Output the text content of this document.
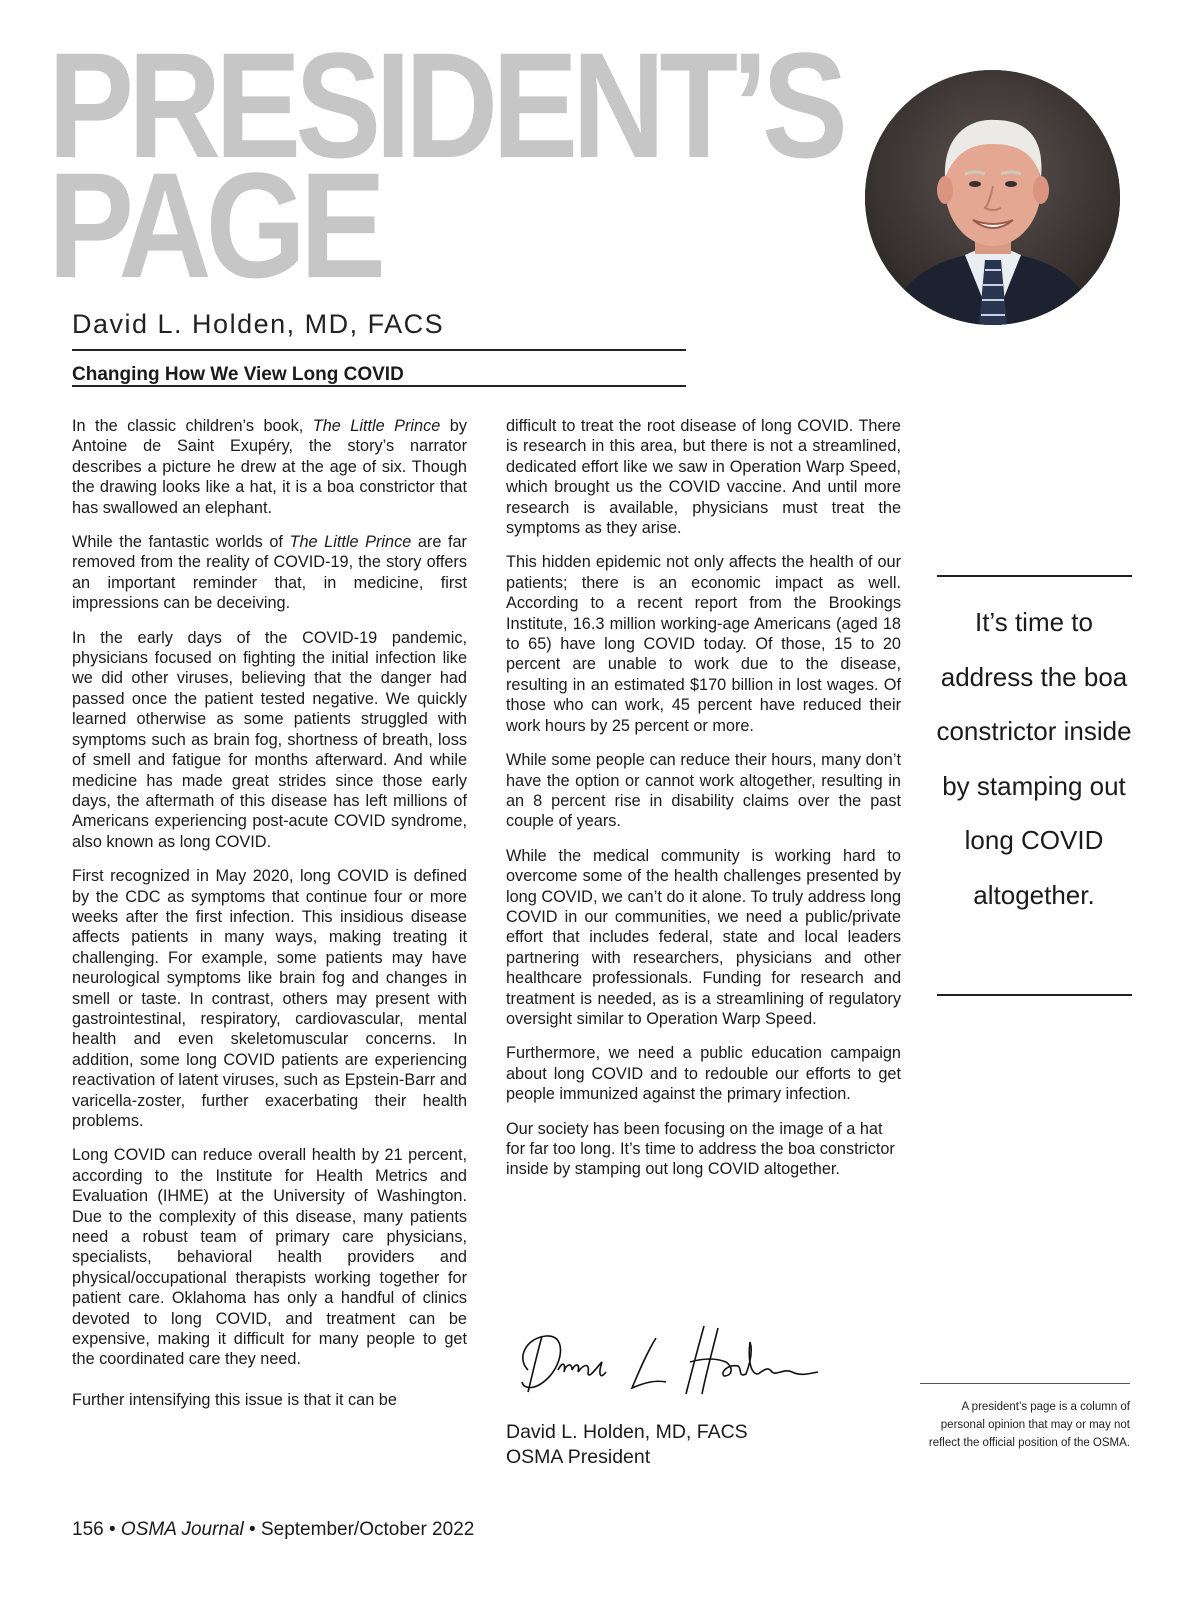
PRESIDENT’S
PAGE
David L. Holden, MD, FACS
Changing How We View Long COVID

In the classic children’s book, The Little Prince by Antoine de Saint Exupéry, the story’s narrator describes a picture he drew at the age of six. Though the drawing looks like a hat, it is a boa constrictor that has swallowed an elephant.

While the fantastic worlds of The Little Prince are far removed from the reality of COVID-19, the story offers an important reminder that, in medicine, first impressions can be deceiving.

In the early days of the COVID-19 pandemic, physicians focused on fighting the initial infection like we did other viruses, believing that the danger had passed once the patient tested negative. We quickly learned otherwise as some patients struggled with symptoms such as brain fog, shortness of breath, loss of smell and fatigue for months afterward. And while medicine has made great strides since those early days, the aftermath of this disease has left millions of Americans experiencing post-acute COVID syndrome, also known as long COVID.

First recognized in May 2020, long COVID is defined by the CDC as symptoms that continue four or more weeks after the first infection. This insidious disease affects patients in many ways, making treating it challenging. For example, some patients may have neurological symptoms like brain fog and changes in smell or taste. In contrast, others may present with gastrointestinal, respiratory, cardiovascular, mental health and even skeletomuscular concerns. In addition, some long COVID patients are experiencing reactivation of latent viruses, such as Epstein-Barr and varicella-zoster, further exacerbating their health problems.

Long COVID can reduce overall health by 21 percent, according to the Institute for Health Metrics and Evaluation (IHME) at the University of Washington. Due to the complexity of this disease, many patients need a robust team of primary care physicians, specialists, behavioral health providers and physical/occupational therapists working together for patient care. Oklahoma has only a handful of clinics devoted to long COVID, and treatment can be expensive, making it difficult for many people to get the coordinated care they need.

Further intensifying this issue is that it can be

difficult to treat the root disease of long COVID. There is research in this area, but there is not a streamlined, dedicated effort like we saw in Operation Warp Speed, which brought us the COVID vaccine. And until more research is available, physicians must treat the symptoms as they arise.

This hidden epidemic not only affects the health of our patients; there is an economic impact as well. According to a recent report from the Brookings Institute, 16.3 million working-age Americans (aged 18 to 65) have long COVID today. Of those, 15 to 20 percent are unable to work due to the disease, resulting in an estimated $170 billion in lost wages. Of those who can work, 45 percent have reduced their work hours by 25 percent or more.

While some people can reduce their hours, many don’t have the option or cannot work altogether, resulting in an 8 percent rise in disability claims over the past couple of years.

While the medical community is working hard to overcome some of the health challenges presented by long COVID, we can’t do it alone. To truly address long COVID in our communities, we need a public/private effort that includes federal, state and local leaders partnering with researchers, physicians and other healthcare professionals. Funding for research and treatment is needed, as is a streamlining of regulatory oversight similar to Operation Warp Speed.

Furthermore, we need a public education campaign about long COVID and to redouble our efforts to get people immunized against the primary infection.

Our society has been focusing on the image of a hat for far too long. It’s time to address the boa constrictor inside by stamping out long COVID altogether.

It’s time to address the boa constrictor inside by stamping out long COVID altogether.
David L. Holden, MD, FACS
OSMA President
A president’s page is a column of personal opinion that may or may not reflect the official position of the OSMA.
156 • OSMA Journal • September/October 2022
